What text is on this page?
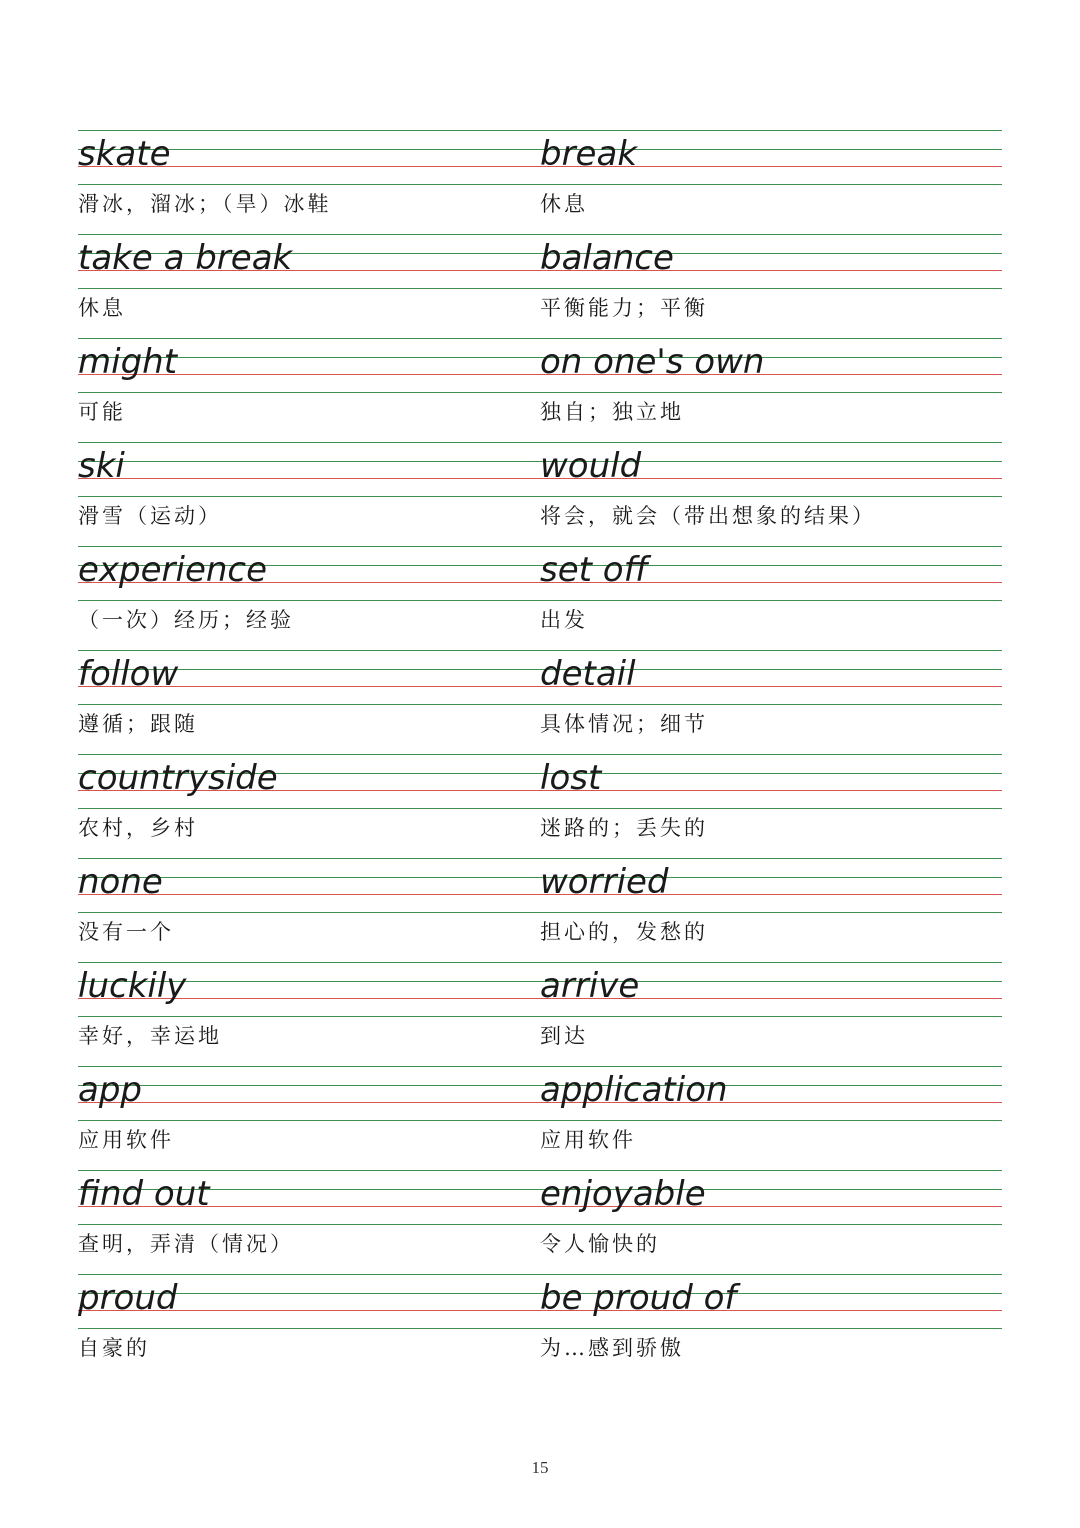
skate
滑冰，溜冰；（旱）冰鞋
break
休息
take a break
休息
balance
平衡能力；平衡
might
可能
on one's own
独自；独立地
ski
滑雪（运动）
would
将会，就会（带出想象的结果）
experience
（一次）经历；经验
set off
出发
follow
遵循；跟随
detail
具体情况；细节
countryside
农村，乡村
lost
迷路的；丢失的
none
没有一个
worried
担心的，发愁的
luckily
幸好，幸运地
arrive
到达
app
应用软件
application
应用软件
find out
查明，弄清（情况）
enjoyable
令人愉快的
proud
自豪的
be proud of
为…感到骄傲
15
